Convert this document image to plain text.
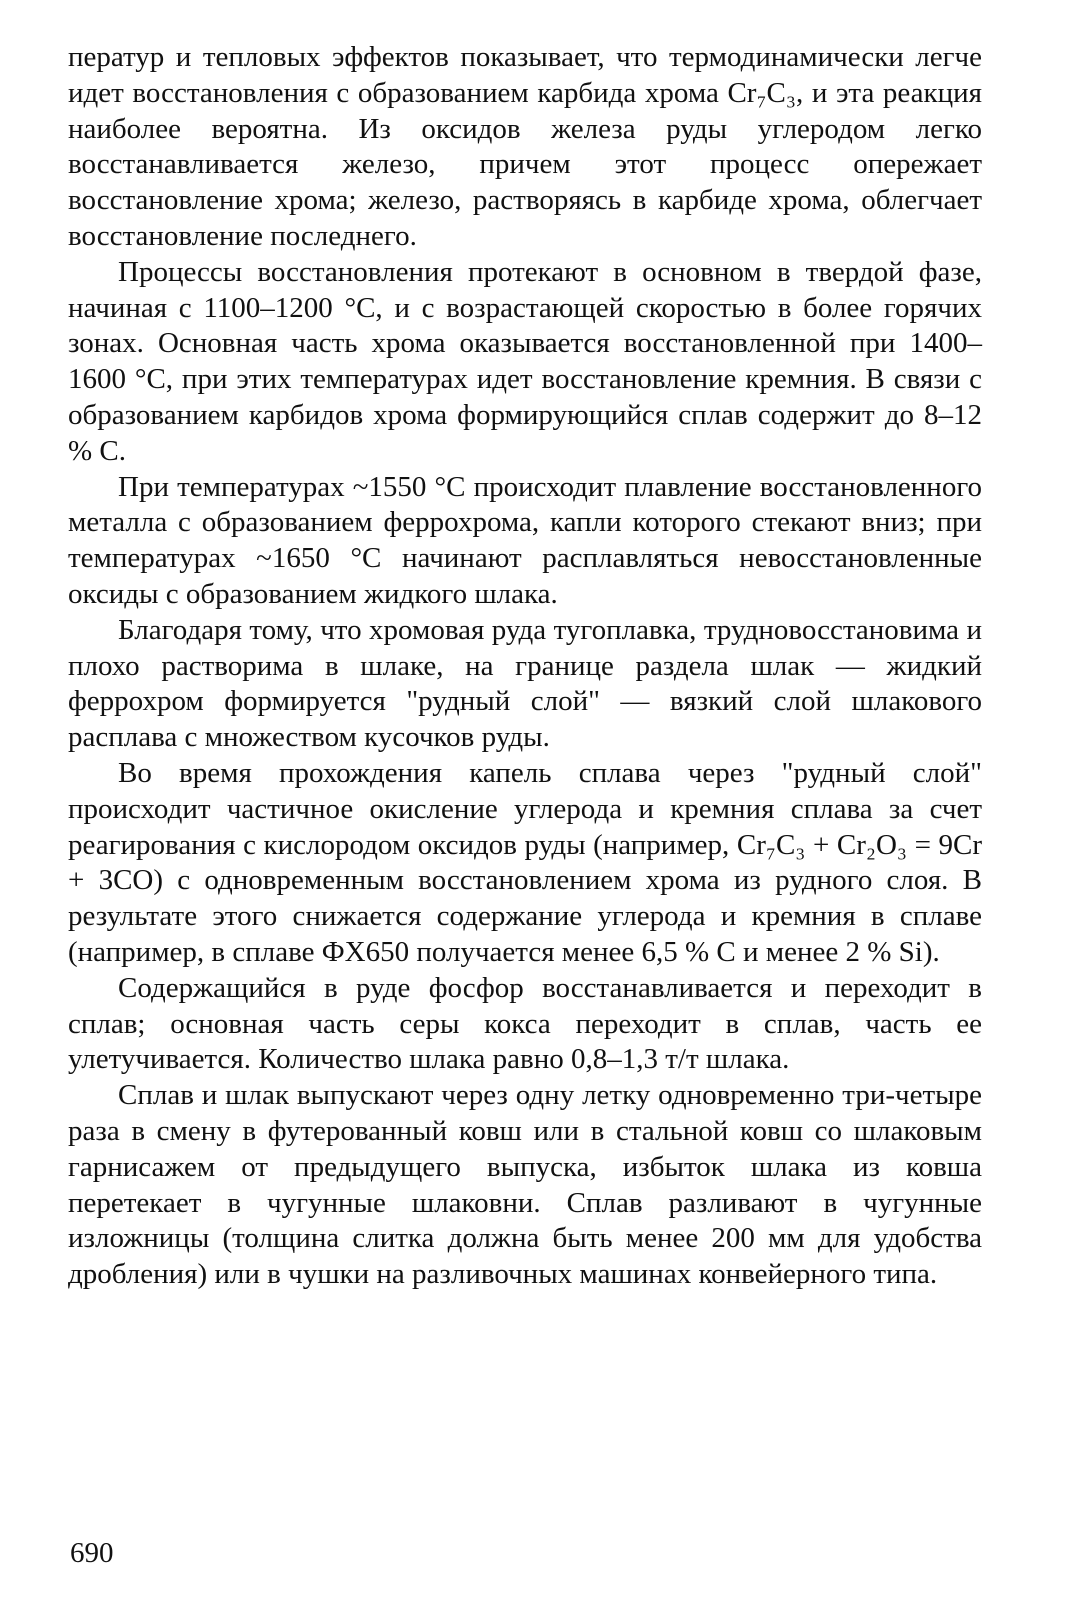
ператур и тепловых эффектов показывает, что термодинамически легче идет восстановления с образованием карбида хрома Cr₇C₃, и эта реакция наиболее вероятна. Из оксидов железа руды углеродом легко восстанавливается железо, причем этот процесс опережает восстановление хрома; железо, растворяясь в карбиде хрома, облегчает восстановление последнего.

Процессы восстановления протекают в основном в твердой фазе, начиная с 1100–1200 °С, и с возрастающей скоростью в более горячих зонах. Основная часть хрома оказывается восстановленной при 1400–1600 °С, при этих температурах идет восстановление кремния. В связи с образованием карбидов хрома формирующийся сплав содержит до 8–12 % С.

При температурах ~1550 °С происходит плавление восстановленного металла с образованием феррохрома, капли которого стекают вниз; при температурах ~1650 °С начинают расплавляться невосстановленные оксиды с образованием жидкого шлака.

Благодаря тому, что хромовая руда тугоплавка, трудновосстановима и плохо растворима в шлаке, на границе раздела шлак — жидкий феррохром формируется "рудный слой" — вязкий слой шлакового расплава с множеством кусочков руды.

Во время прохождения капель сплава через "рудный слой" происходит частичное окисление углерода и кремния сплава за счет реагирования с кислородом оксидов руды (например, Cr₇C₃ + Cr₂O₃ = 9Cr + 3CO) с одновременным восстановлением хрома из рудного слоя. В результате этого снижается содержание углерода и кремния в сплаве (например, в сплаве ФХ650 получается менее 6,5 % С и менее 2 % Si).

Содержащийся в руде фосфор восстанавливается и переходит в сплав; основная часть серы кокса переходит в сплав, часть ее улетучивается. Количество шлака равно 0,8–1,3 т/т шлака.

Сплав и шлак выпускают через одну летку одновременно три-четыре раза в смену в футерованный ковш или в стальной ковш со шлаковым гарнисажем от предыдущего выпуска, избыток шлака из ковша перетекает в чугунные шлаковни. Сплав разливают в чугунные изложницы (толщина слитка должна быть менее 200 мм для удобства дробления) или в чушки на разливочных машинах конвейерного типа.

690
